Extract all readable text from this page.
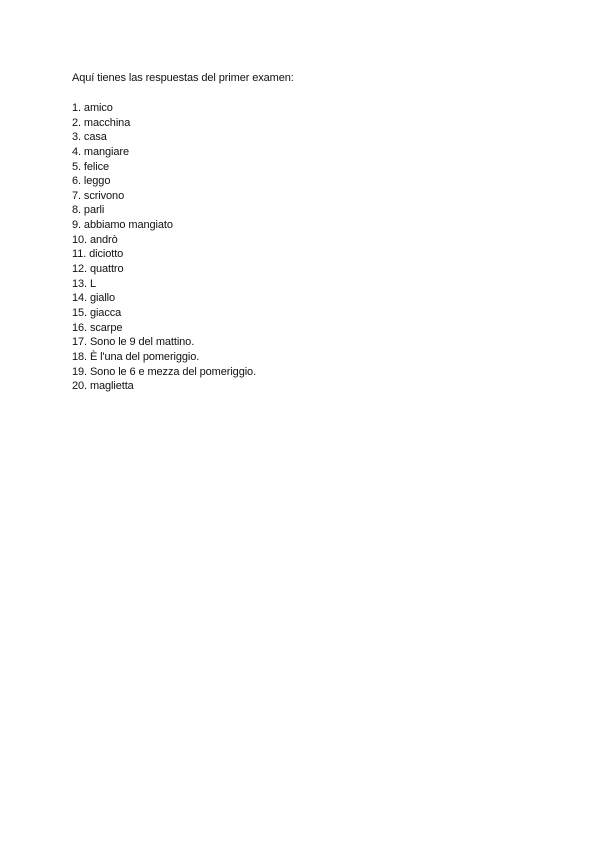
Aquí tienes las respuestas del primer examen:
1. amico
2. macchina
3. casa
4. mangiare
5. felice
6. leggo
7. scrivono
8. parli
9. abbiamo mangiato
10. andrò
11. diciotto
12. quattro
13. L
14. giallo
15. giacca
16. scarpe
17. Sono le 9 del mattino.
18. È l'una del pomeriggio.
19. Sono le 6 e mezza del pomeriggio.
20. maglietta
